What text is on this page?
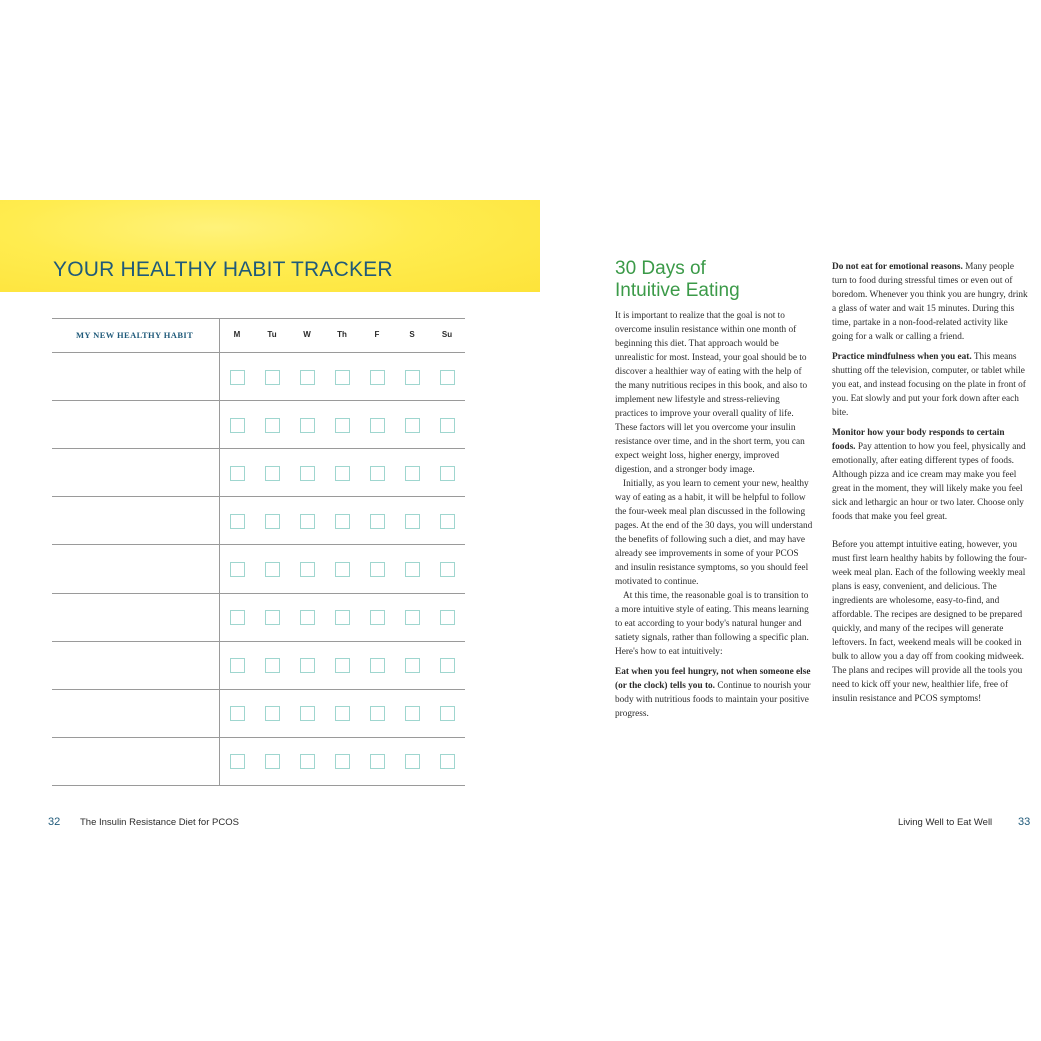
YOUR HEALTHY HABIT TRACKER
MY NEW HEALTHY HABIT	M	Tu	W	Th	F	S	Su
32 The Insulin Resistance Diet for PCOS
30 Days of
Intuitive Eating

It is important to realize that the goal is not to overcome insulin resistance within one month of beginning this diet. That approach would be unrealistic for most. Instead, your goal should be to discover a healthier way of eating with the help of the many nutritious recipes in this book, and also to implement new lifestyle and stress-relieving practices to improve your overall quality of life. These factors will let you overcome your insulin resistance over time, and in the short term, you can expect weight loss, higher energy, improved digestion, and a stronger body image.

Initially, as you learn to cement your new, healthy way of eating as a habit, it will be helpful to follow the four-week meal plan discussed in the following pages. At the end of the 30 days, you will understand the benefits of following such a diet, and may have already see improvements in some of your PCOS and insulin resistance symptoms, so you should feel motivated to continue.

At this time, the reasonable goal is to transition to a more intuitive style of eating. This means learning to eat according to your body's natural hunger and satiety signals, rather than following a specific plan. Here's how to eat intuitively:

Eat when you feel hungry, not when someone else (or the clock) tells you to. Continue to nourish your body with nutritious foods to maintain your positive progress.

Do not eat for emotional reasons. Many people turn to food during stressful times or even out of boredom. Whenever you think you are hungry, drink a glass of water and wait 15 minutes. During this time, partake in a non-food-related activity like going for a walk or calling a friend.

Practice mindfulness when you eat. This means shutting off the television, computer, or tablet while you eat, and instead focusing on the plate in front of you. Eat slowly and put your fork down after each bite.

Monitor how your body responds to certain foods. Pay attention to how you feel, physically and emotionally, after eating different types of foods. Although pizza and ice cream may make you feel great in the moment, they will likely make you feel sick and lethargic an hour or two later. Choose only foods that make you feel great.

Before you attempt intuitive eating, however, you must first learn healthy habits by following the four-week meal plan. Each of the following weekly meal plans is easy, convenient, and delicious. The ingredients are wholesome, easy-to-find, and affordable. The recipes are designed to be prepared quickly, and many of the recipes will generate leftovers. In fact, weekend meals will be cooked in bulk to allow you a day off from cooking midweek. The plans and recipes will provide all the tools you need to kick off your new, healthier life, free of insulin resistance and PCOS symptoms!

Living Well to Eat Well 33
